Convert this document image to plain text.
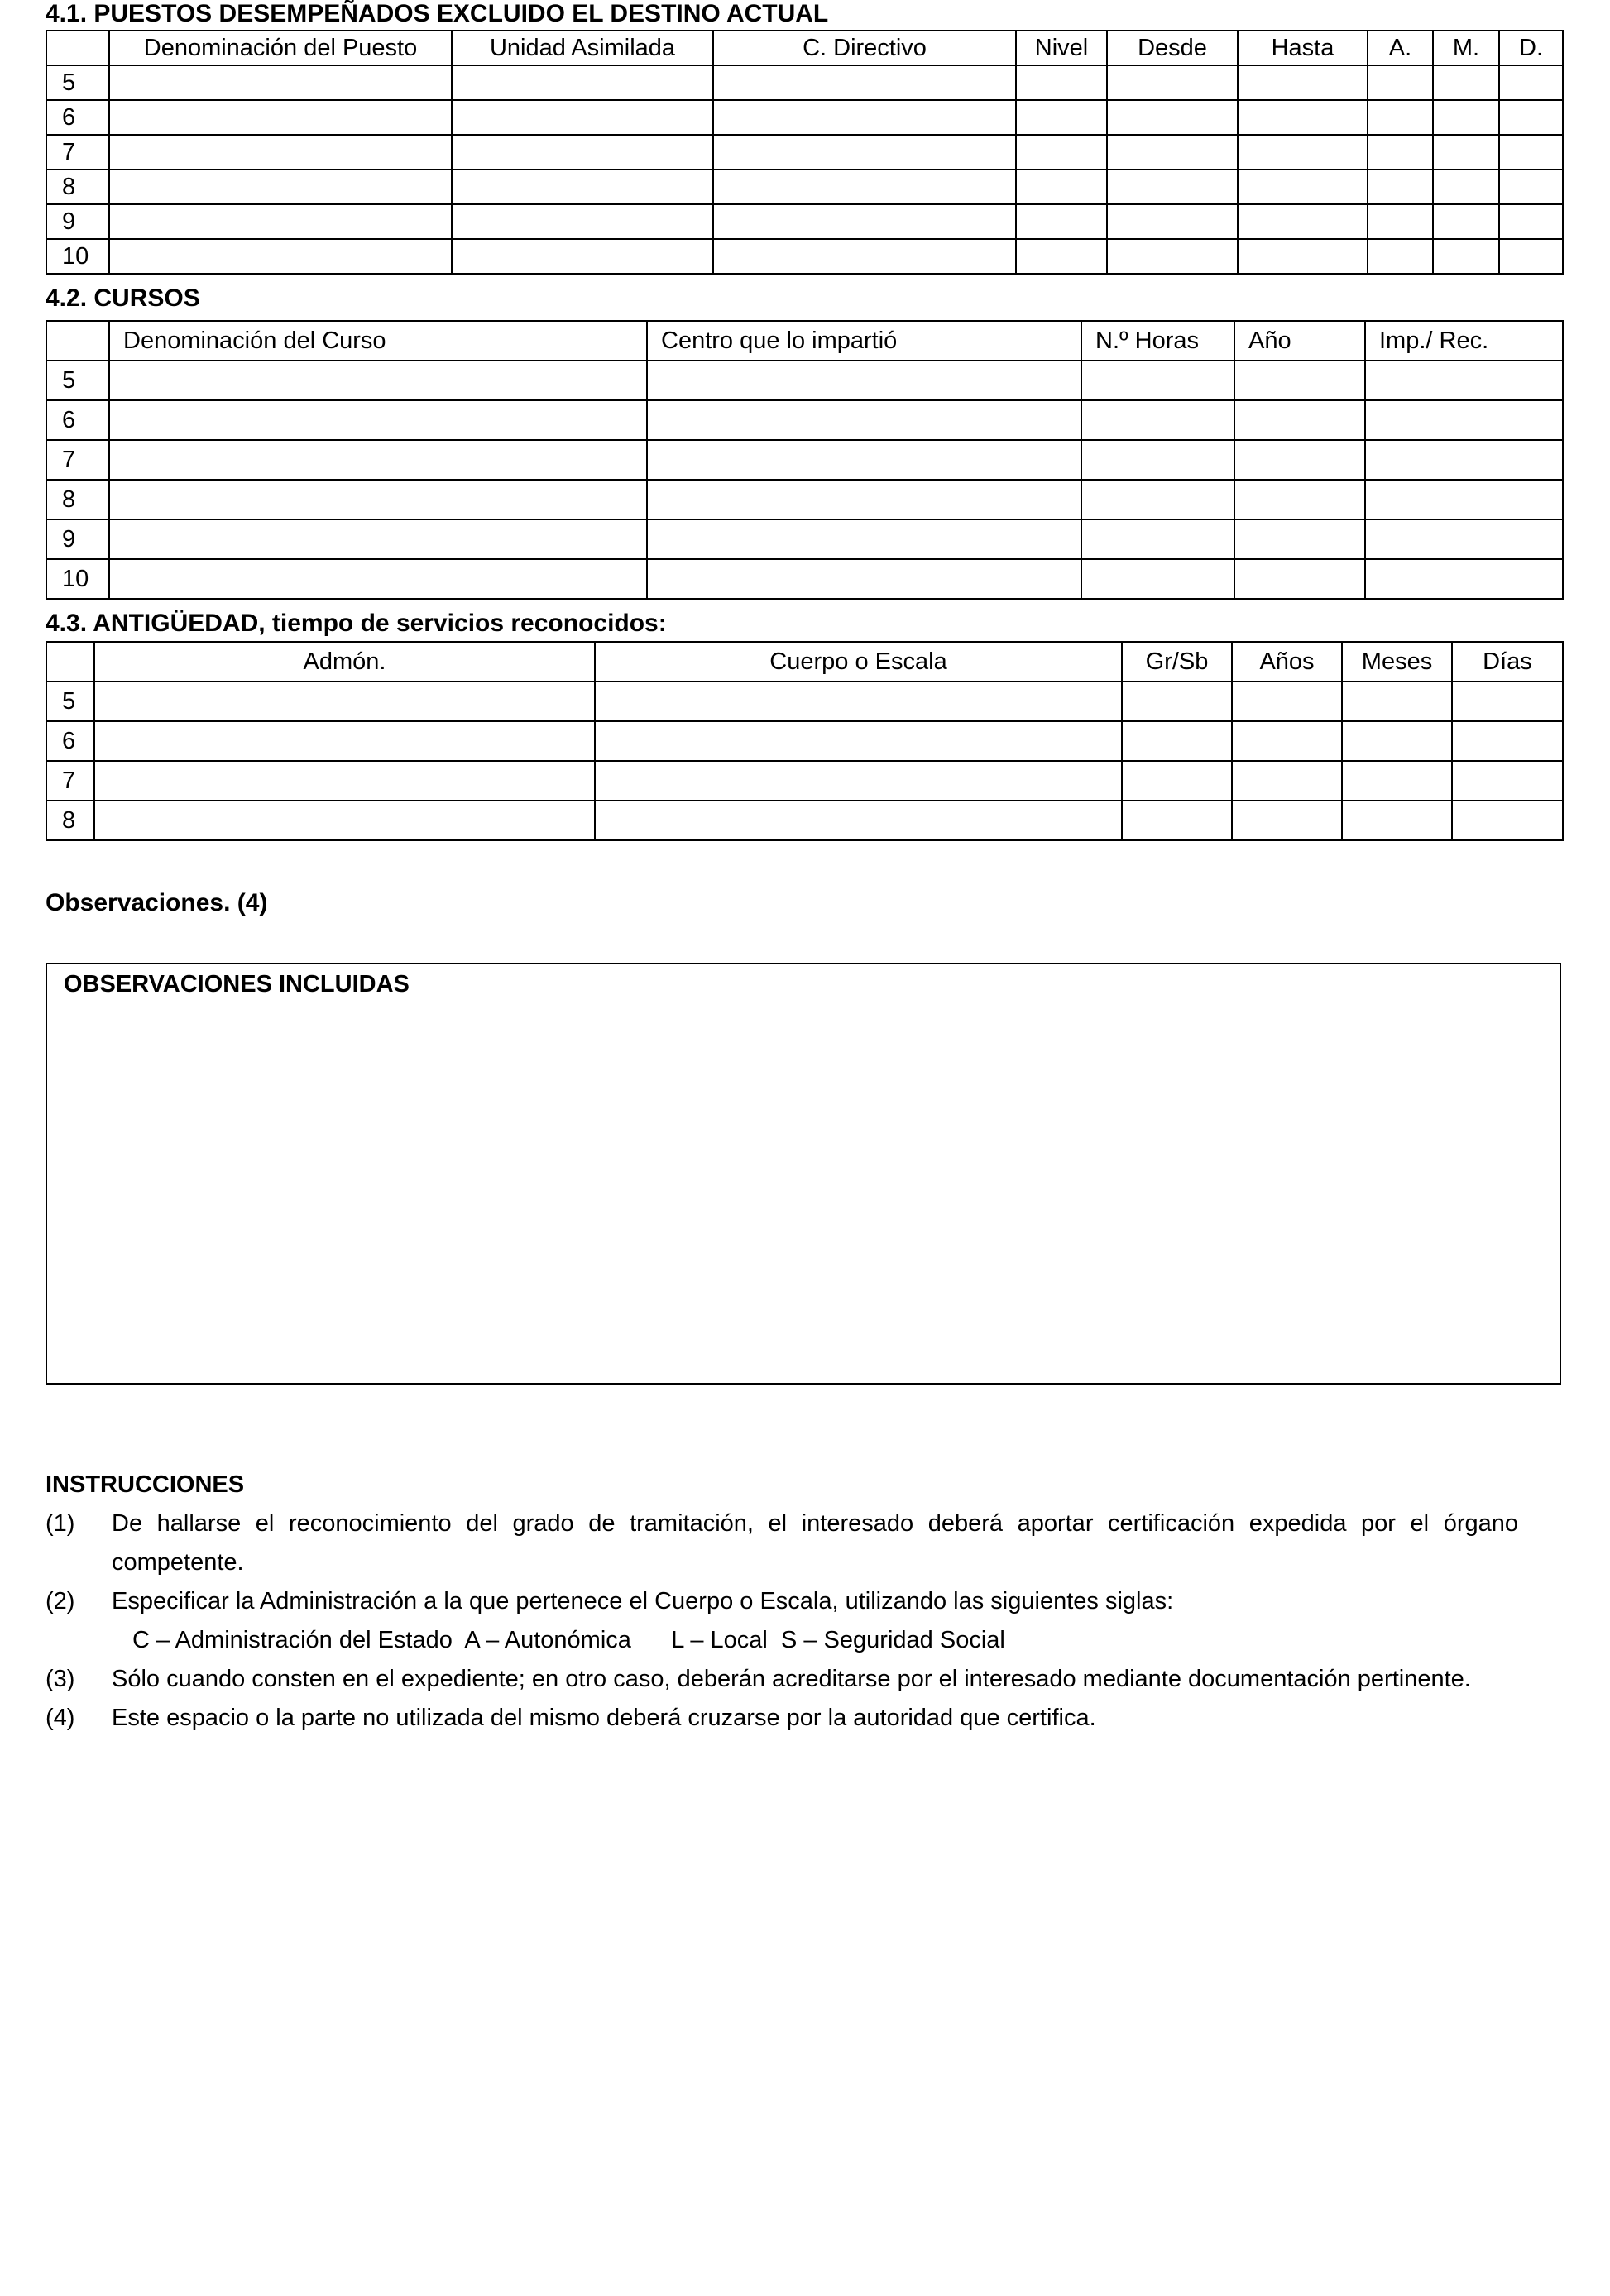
4.1. PUESTOS DESEMPEÑADOS EXCLUIDO EL DESTINO ACTUAL
	Denominación del Puesto	Unidad Asimilada	C. Directivo	Nivel	Desde	Hasta	A.	M.	D.
5									
6									
7									
8									
9									
10									
4.2. CURSOS
	Denominación del Curso	Centro que lo impartió	N.º Horas	Año	Imp./ Rec.
5					
6					
7					
8					
9					
10					
4.3. ANTIGÜEDAD, tiempo de servicios reconocidos:
	Admón.	Cuerpo o Escala	Gr/Sb	Años	Meses	Días
5						
6						
7						
8						
Observaciones. (4)
OBSERVACIONES INCLUIDAS
INSTRUCCIONES
(1) De hallarse el reconocimiento del grado de tramitación, el interesado deberá aportar certificación expedida por el órgano competente.
(2) Especificar la Administración a la que pertenece el Cuerpo o Escala, utilizando las siguientes siglas:
C – Administración del Estado  A – Autonómica      L – Local  S – Seguridad Social
(3) Sólo cuando consten en el expediente; en otro caso, deberán acreditarse por el interesado mediante documentación pertinente.
(4) Este espacio o la parte no utilizada del mismo deberá cruzarse por la autoridad que certifica.
